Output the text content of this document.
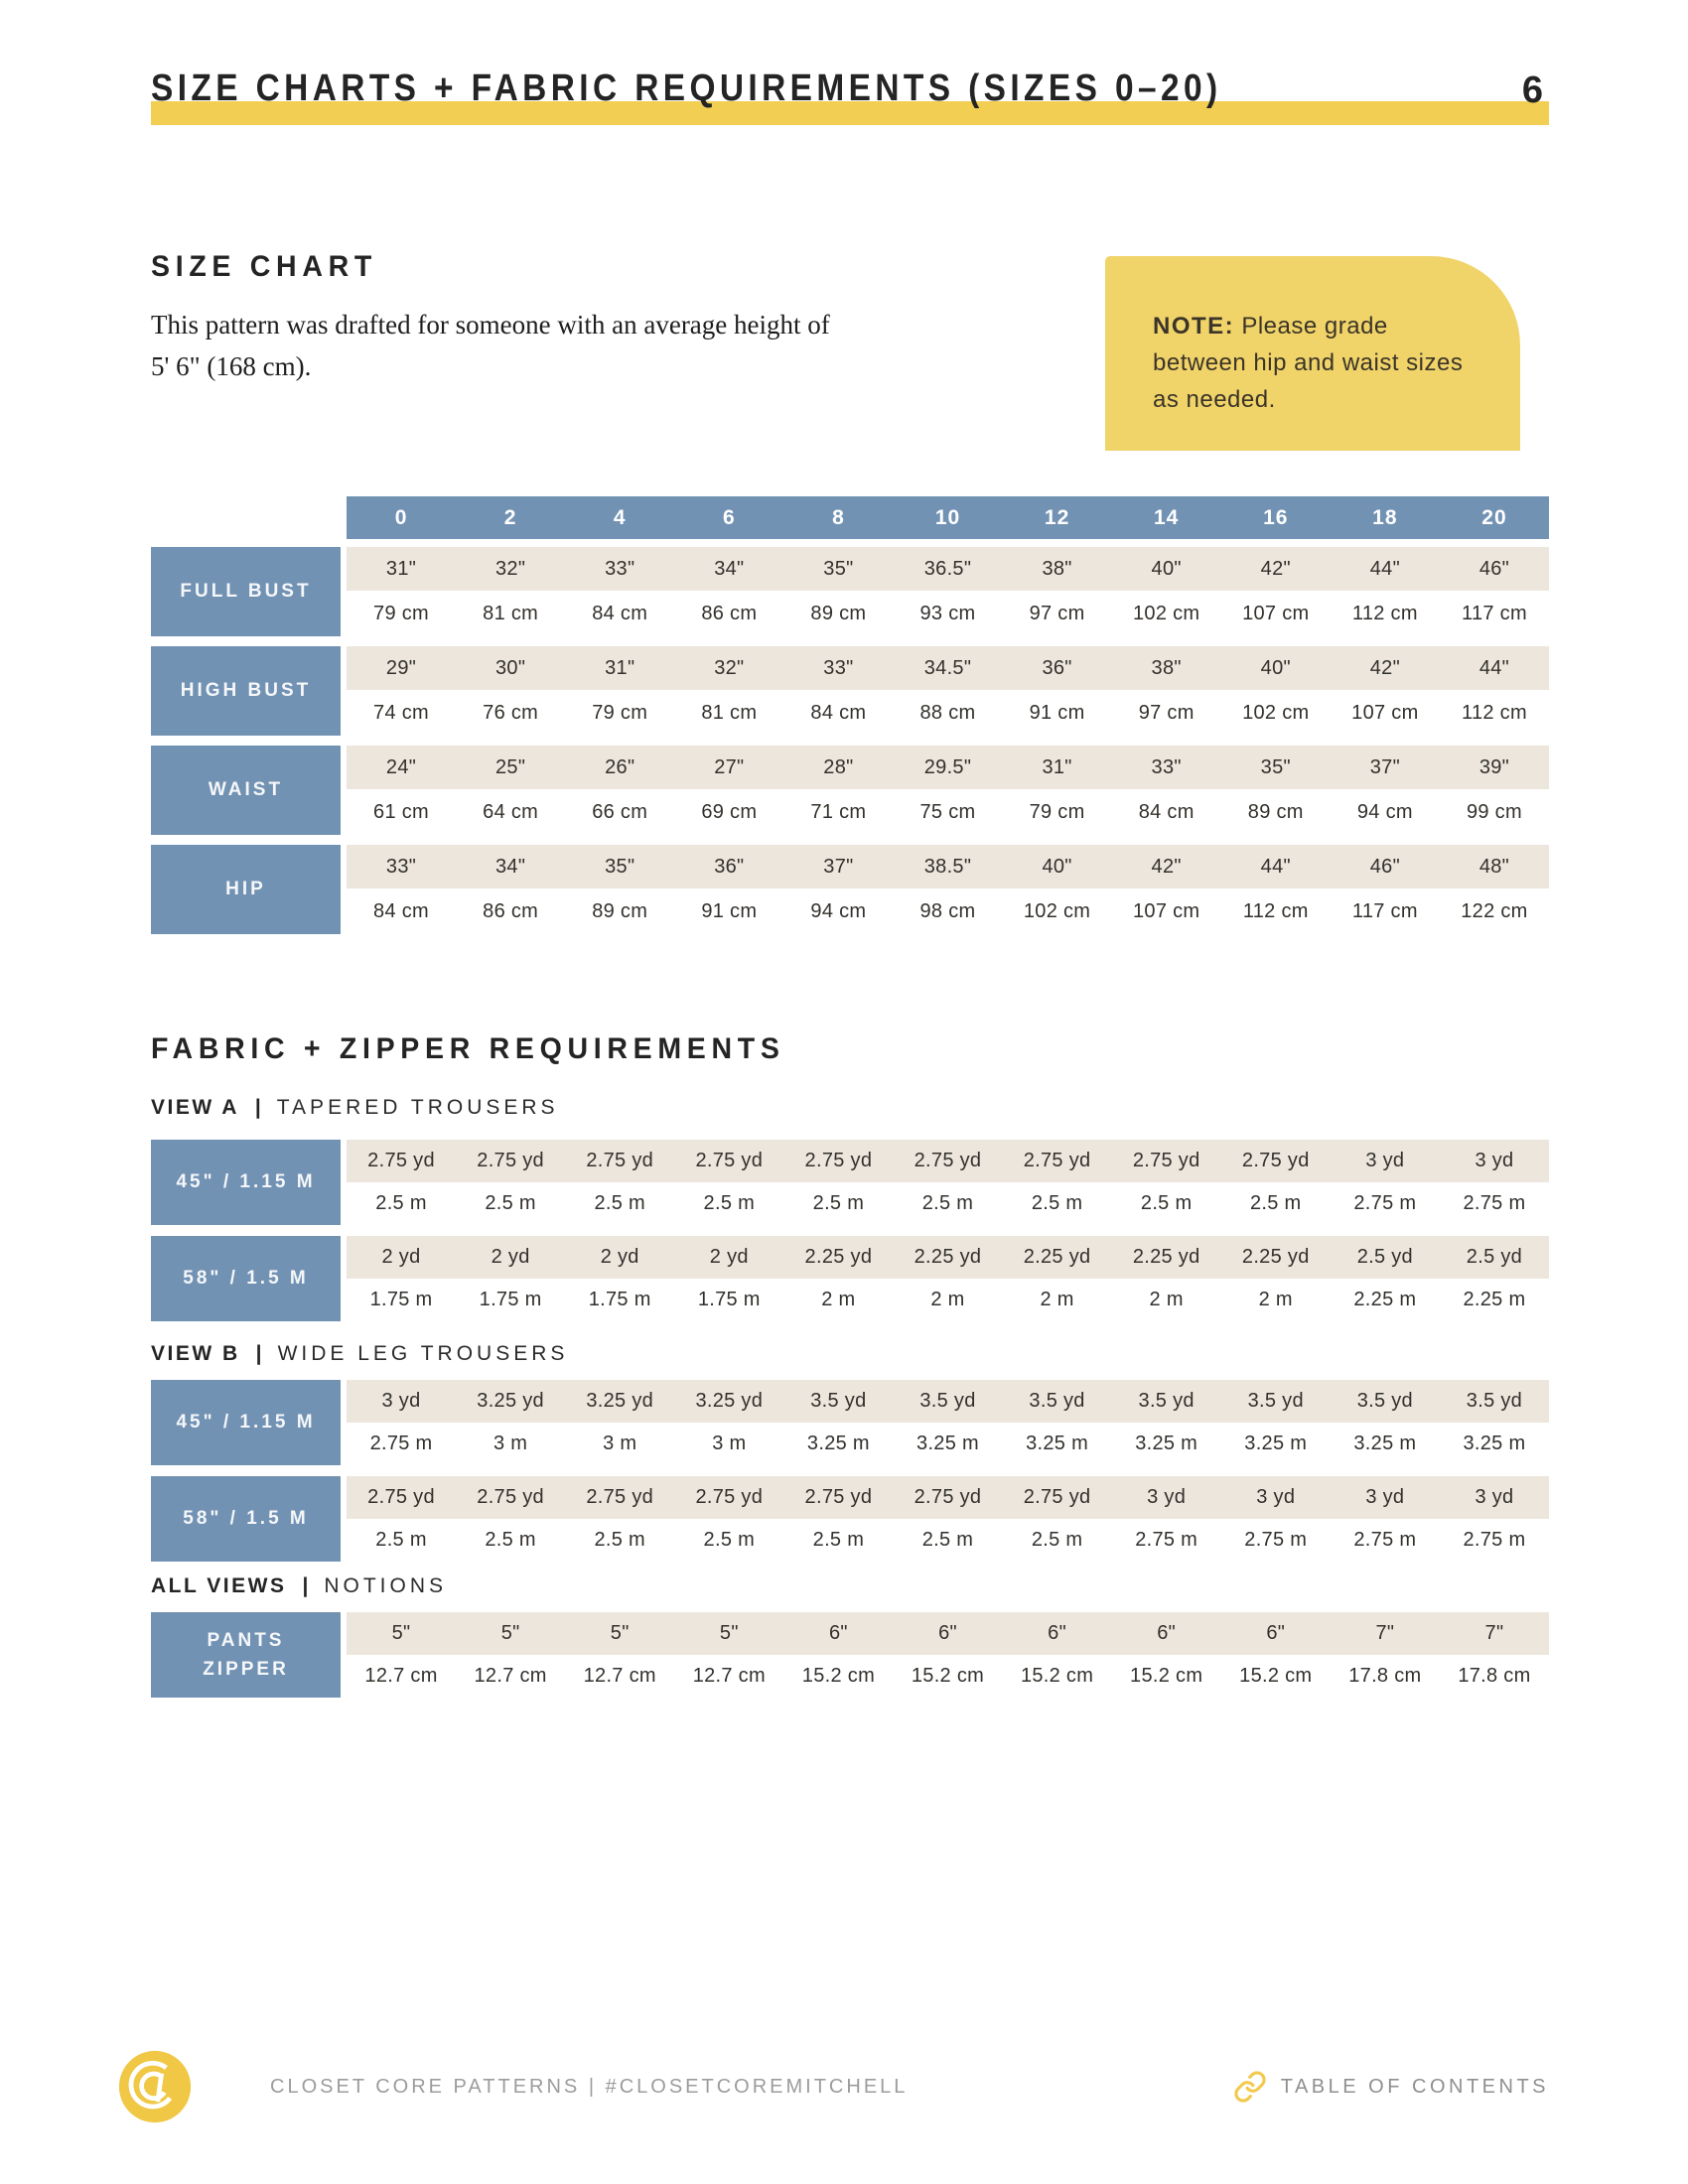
SIZE CHARTS + FABRIC REQUIREMENTS (SIZES 0–20)	6
SIZE CHART

This pattern was drafted for someone with an average height of
5' 6" (168 cm).

NOTE: Please grade between hip and waist sizes as needed.

0	2	4	6	8	10	12	14	16	18	20
FULL BUST
31"	32"	33"	34"	35"	36.5"	38"	40"	42"	44"	46"
79 cm	81 cm	84 cm	86 cm	89 cm	93 cm	97 cm	102 cm	107 cm	112 cm	117 cm
HIGH BUST
29"	30"	31"	32"	33"	34.5"	36"	38"	40"	42"	44"
74 cm	76 cm	79 cm	81 cm	84 cm	88 cm	91 cm	97 cm	102 cm	107 cm	112 cm
WAIST
24"	25"	26"	27"	28"	29.5"	31"	33"	35"	37"	39"
61 cm	64 cm	66 cm	69 cm	71 cm	75 cm	79 cm	84 cm	89 cm	94 cm	99 cm
HIP
33"	34"	35"	36"	37"	38.5"	40"	42"	44"	46"	48"
84 cm	86 cm	89 cm	91 cm	94 cm	98 cm	102 cm	107 cm	112 cm	117 cm	122 cm
FABRIC + ZIPPER REQUIREMENTS
VIEW A | TAPERED TROUSERS
45" / 1.15 M
2.75 yd	2.75 yd	2.75 yd	2.75 yd	2.75 yd	2.75 yd	2.75 yd	2.75 yd	2.75 yd	3 yd	3 yd
2.5 m	2.5 m	2.5 m	2.5 m	2.5 m	2.5 m	2.5 m	2.5 m	2.5 m	2.75 m	2.75 m
58" / 1.5 M
2 yd	2 yd	2 yd	2 yd	2.25 yd	2.25 yd	2.25 yd	2.25 yd	2.25 yd	2.5 yd	2.5 yd
1.75 m	1.75 m	1.75 m	1.75 m	2 m	2 m	2 m	2 m	2 m	2.25 m	2.25 m
VIEW B | WIDE LEG TROUSERS
45" / 1.15 M
3 yd	3.25 yd	3.25 yd	3.25 yd	3.5 yd	3.5 yd	3.5 yd	3.5 yd	3.5 yd	3.5 yd	3.5 yd
2.75 m	3 m	3 m	3 m	3.25 m	3.25 m	3.25 m	3.25 m	3.25 m	3.25 m	3.25 m
58" / 1.5 M
2.75 yd	2.75 yd	2.75 yd	2.75 yd	2.75 yd	2.75 yd	2.75 yd	3 yd	3 yd	3 yd	3 yd
2.5 m	2.5 m	2.5 m	2.5 m	2.5 m	2.5 m	2.5 m	2.75 m	2.75 m	2.75 m	2.75 m
ALL VIEWS | NOTIONS
PANTS
ZIPPER
5"	5"	5"	5"	6"	6"	6"	6"	6"	7"	7"
12.7 cm	12.7 cm	12.7 cm	12.7 cm	15.2 cm	15.2 cm	15.2 cm	15.2 cm	15.2 cm	17.8 cm	17.8 cm
CLOSET CORE PATTERNS | #CLOSETCOREMITCHELL	TABLE OF CONTENTS
